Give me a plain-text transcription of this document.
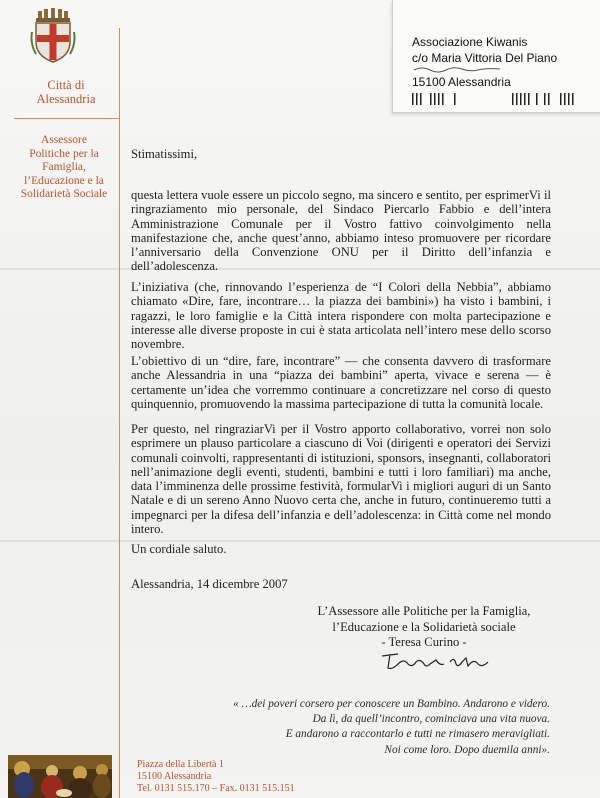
Città di
Alessandria
Assessore
Politiche per la
Famiglia,
l’Educazione e la
Solidarietà Sociale
Associazione Kiwanis
c/o Maria Vittoria Del Piano
15100 Alessandria
Stimatissimi,
questa lettera vuole essere un piccolo segno, ma sincero e sentito, per esprimerVi il ringraziamento mio personale, del Sindaco Piercarlo Fabbio e dell’intera Amministrazione Comunale per il Vostro fattivo coinvolgimento nella manifestazione che, anche quest’anno, abbiamo inteso promuovere per ricordare l’anniversario della Convenzione ONU per il Diritto dell’infanzia e dell’adolescenza.
L’iniziativa (che, rinnovando l’esperienza de “I Colori della Nebbia”, abbiamo chiamato «Dire, fare, incontrare… la piazza dei bambini») ha visto i bambini, i ragazzi, le loro famiglie e la Città intera rispondere con molta partecipazione e interesse alle diverse proposte in cui è stata articolata nell’intero mese dello scorso novembre.
L’obiettivo di un “dire, fare, incontrare” — che consenta davvero di trasformare anche Alessandria in una “piazza dei bambini” aperta, vivace e serena — è certamente un’idea che vorremmo continuare a concretizzare nel corso di questo quinquennio, promuovendo la massima partecipazione di tutta la comunità locale.
Per questo, nel ringraziarVi per il Vostro apporto collaborativo, vorrei non solo esprimere un plauso particolare a ciascuno di Voi (dirigenti e operatori dei Servizi comunali coinvolti, rappresentanti di istituzioni, sponsors, insegnanti, collaboratori nell’animazione degli eventi, studenti, bambini e tutti i loro familiari) ma anche, data l’imminenza delle prossime festività, formularVi i migliori auguri di un Santo Natale e di un sereno Anno Nuovo certa che, anche in futuro, continueremo tutti a impegnarci per la difesa dell’infanzia e dell’adolescenza: in Città come nel mondo intero.
Un cordiale saluto.
Alessandria, 14 dicembre 2007
L’Assessore alle Politiche per la Famiglia,
l’Educazione e la Solidarietà sociale
- Teresa Curino -
« …dei poveri corsero per conoscere un Bambino. Andarono e videro.
Da lì, da quell’incontro, cominciava una vita nuova.
E andarono a raccontarlo e tutti ne rimasero meravigliati.
Noi come loro. Dopo duemila anni».
Piazza della Libertà 1
15100 Alessandria
Tel. 0131 515.170 – Fax. 0131 515.151
